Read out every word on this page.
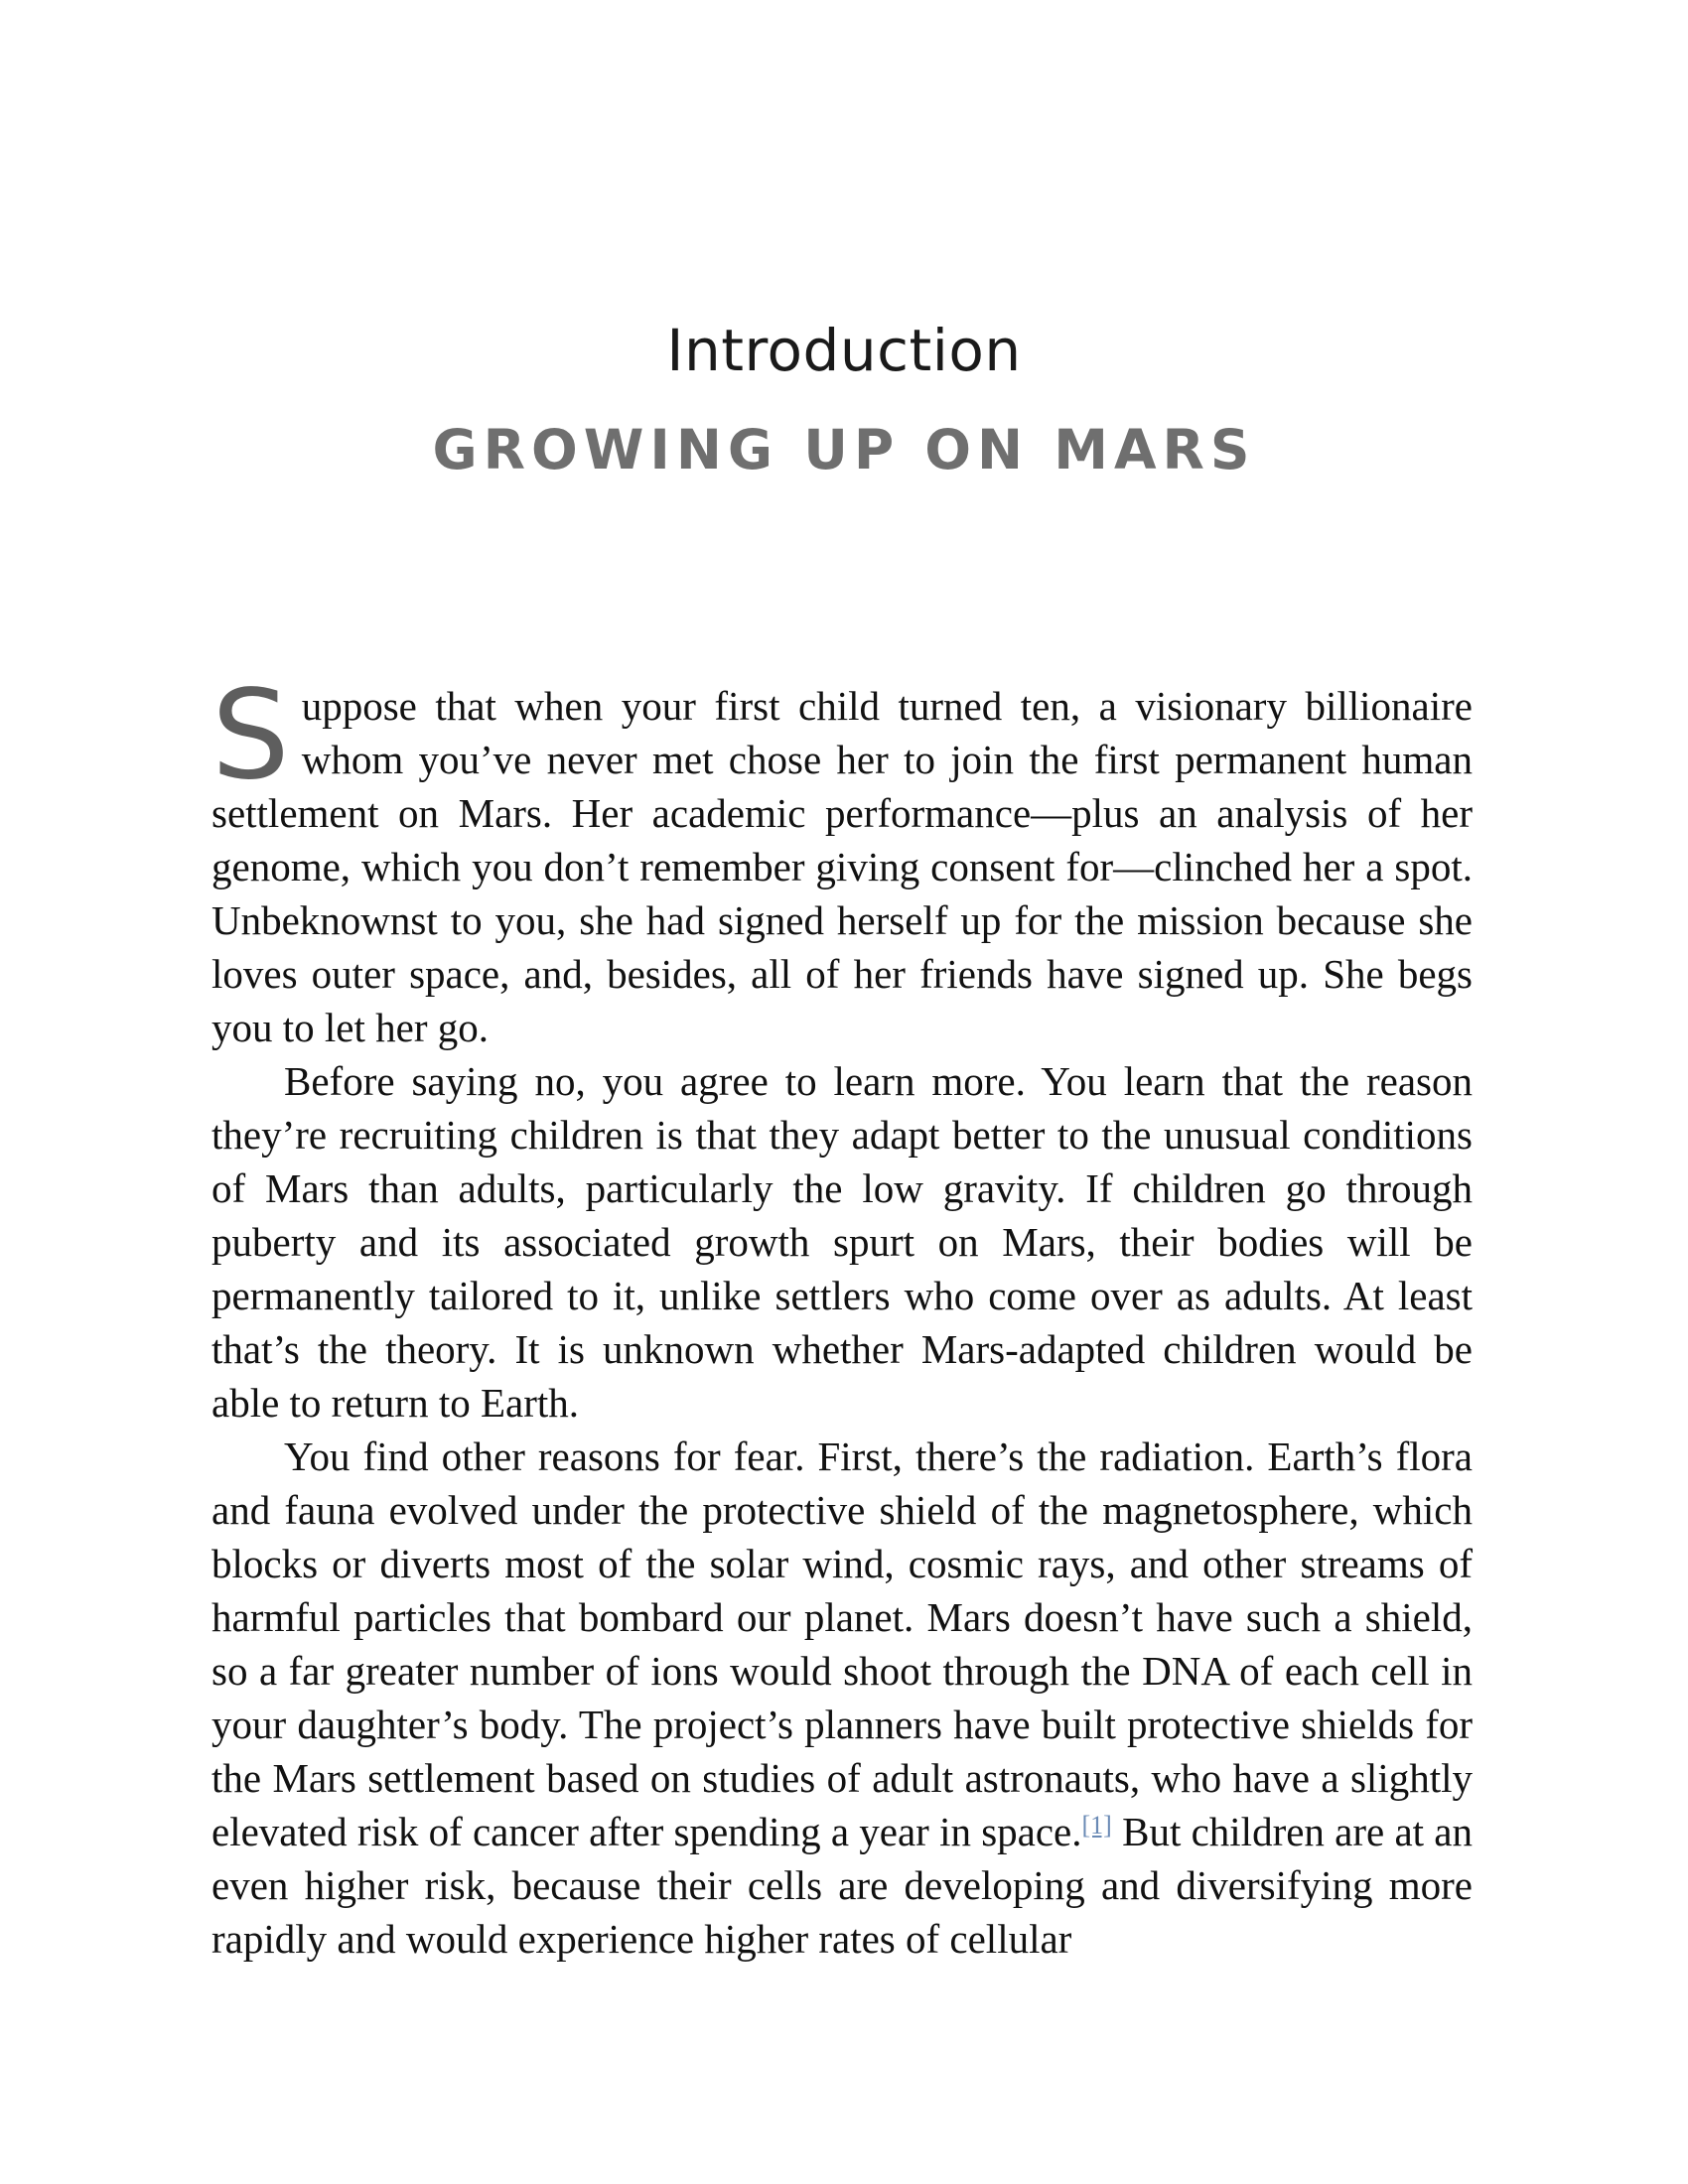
Introduction
GROWING UP ON MARS

Suppose that when your first child turned ten, a visionary billionaire whom you’ve never met chose her to join the first permanent human settlement on Mars. Her academic performance—plus an analysis of her genome, which you don’t remember giving consent for—clinched her a spot. Unbeknownst to you, she had signed herself up for the mission because she loves outer space, and, besides, all of her friends have signed up. She begs you to let her go.

Before saying no, you agree to learn more. You learn that the reason they’re recruiting children is that they adapt better to the unusual conditions of Mars than adults, particularly the low gravity. If children go through puberty and its associated growth spurt on Mars, their bodies will be permanently tailored to it, unlike settlers who come over as adults. At least that’s the theory. It is unknown whether Mars-adapted children would be able to return to Earth.

You find other reasons for fear. First, there’s the radiation. Earth’s flora and fauna evolved under the protective shield of the magnetosphere, which blocks or diverts most of the solar wind, cosmic rays, and other streams of harmful particles that bombard our planet. Mars doesn’t have such a shield, so a far greater number of ions would shoot through the DNA of each cell in your daughter’s body. The project’s planners have built protective shields for the Mars settlement based on studies of adult astronauts, who have a slightly elevated risk of cancer after spending a year in space.[1] But children are at an even higher risk, because their cells are developing and diversifying more rapidly and would experience higher rates of cellular
